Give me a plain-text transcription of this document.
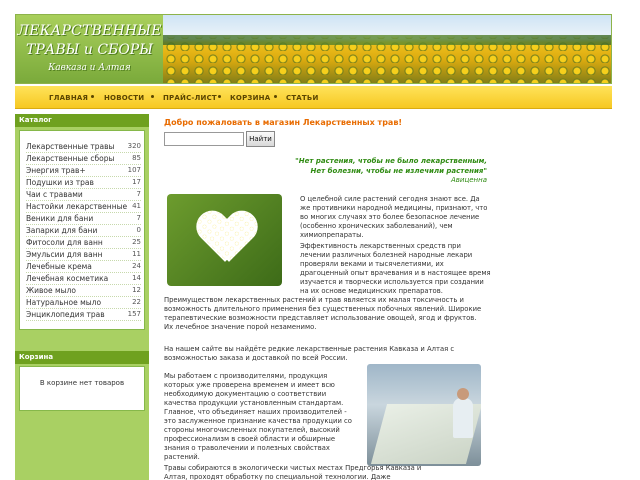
ЛЕКАРСТВЕННЫЕ
ТРАВЫ и СБОРЫ
Кавказа и Алтая
ГЛАВНАЯ НОВОСТИ	ПРАЙС-ЛИСТ КОРЗИНА СТАТЬИ
Каталог
Лекарственные травы 320
Лекарственные сборы	85
Энергия трав+	107
Подушки из трав	17
Чаи с травами	7
Настойки лекарственные 41
Веники для бани	7
Запарки для бани	0
Фитосоли для ванн	25
Эмульсии для ванн	11
Лечебные крема	24
Лечебная косметика	14
Живое мыло	12
Натуральное мыло	22
Энциклопедия трав	157
Корзина
В корзине нет товаров
Добро пожаловать в магазин Лекарственных трав!
Найти
"Нет растения, чтобы не было лекарственным,
Нет болезни, чтобы не излечили растения"
Авиценна
О целебной силе растений сегодня знают все. Да же противники народной медицины, признают, что во многих случаях это более безопасное лечение (особенно хронических заболеваний), чем химиопрепараты.
Эффективность лекарственных средств при лечении различных болезней народные лекари проверяли веками и тысячелетиями, их драгоценный опыт врачевания и в настоящее время изучается и творчески используется при создании на их основе медицинских препаратов.
Преимуществом лекарственных растений и трав является их малая токсичность и возможность длительного применения без существенных побочных явлений. Широкие терапевтические возможности представляет использование овощей, ягод и фруктов. Их лечебное значение порой незаменимо.
На нашем сайте вы найдёте редкие лекарственные растения Кавказа и Алтая с возможностью заказа и доставкой по всей России.
Мы работаем с производителями, продукция которых уже проверена временем и имеет всю необходимую документацию о соответствии качества продукции установленным стандартам. Главное, что объединяет наших производителей - это заслуженное признание качества продукции со стороны многочисленных покупателей, высокий профессионализм в своей области и обширные знания о траволечении и полезных свойствах растений.
Травы собираются в экологически чистых местах Предгорья Кавказа и Алтая, проходят обработку по специальной технологии. Даже
